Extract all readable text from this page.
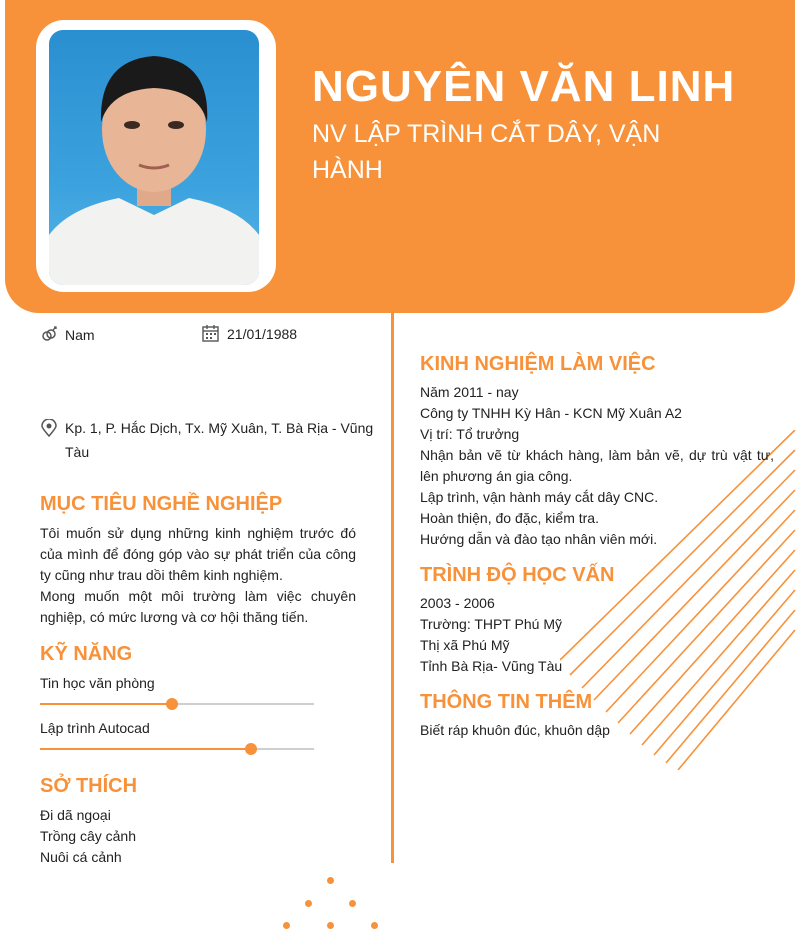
NGUYÊN VĂN LINH
NV LẬP TRÌNH CẮT DÂY, VẬN HÀNH
Nam	21/01/1988
Kp. 1, P. Hắc Dịch, Tx. Mỹ Xuân, T. Bà Rịa - Vũng Tàu
MỤC TIÊU NGHỀ NGHIỆP
Tôi muốn sử dụng những kinh nghiệm trước đó của mình để đóng góp vào sự phát triển của công ty cũng như trau dồi thêm kinh nghiệm.
Mong muốn một môi trường làm việc chuyên nghiệp, có mức lương và cơ hội thăng tiến.
KỸ NĂNG
Tin học văn phòng
Lập trình Autocad
SỞ THÍCH
Đi dã ngoại
Trồng cây cảnh
Nuôi cá cảnh
KINH NGHIỆM LÀM VIỆC
Năm 2011 - nay
Công ty TNHH Kỳ Hân - KCN Mỹ Xuân A2
Vị trí: Tổ trưởng
Nhận bản vẽ từ khách hàng, làm bản vẽ, dự trù vật tư, lên phương án gia công.
Lập trình, vận hành máy cắt dây CNC.
Hoàn thiện, đo đặc, kiểm tra.
Hướng dẫn và đào tạo nhân viên mới.
TRÌNH ĐỘ HỌC VẤN
2003 - 2006
Trường: THPT Phú Mỹ
Thị xã Phú Mỹ
Tỉnh Bà Rịa- Vũng Tàu
THÔNG TIN THÊM
Biết ráp khuôn đúc, khuôn dập
